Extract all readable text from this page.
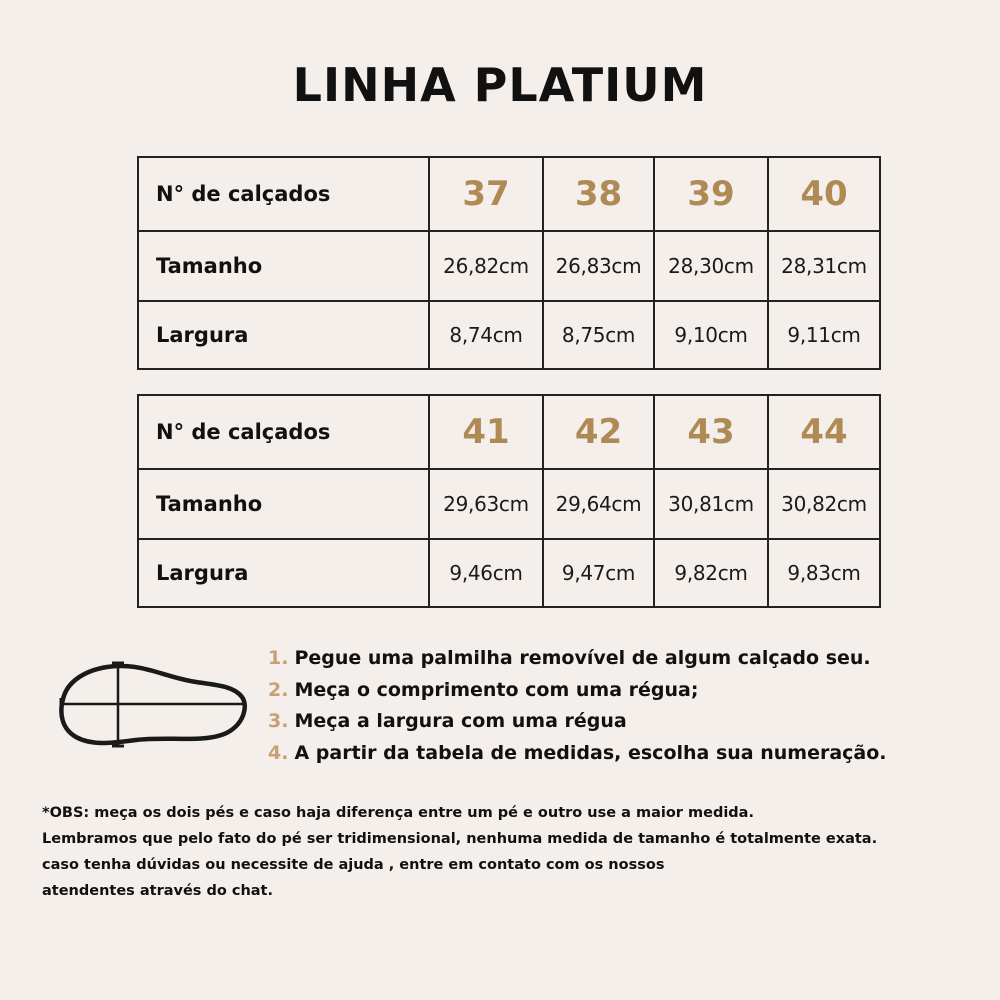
LINHA PLATIUM
N° de calçados	37	38	39	40
Tamanho	26,82cm	26,83cm	28,30cm	28,31cm
Largura	8,74cm	8,75cm	9,10cm	9,11cm
N° de calçados	41	42	43	44
Tamanho	29,63cm	29,64cm	30,81cm	30,82cm
Largura	9,46cm	9,47cm	9,82cm	9,83cm
1. Pegue uma palmilha removível de algum calçado seu.
2. Meça o comprimento com uma régua;
3. Meça a largura com uma régua
4. A partir da tabela de medidas, escolha sua numeração.

*OBS: meça os dois pés e caso haja diferença entre um pé e outro use a maior medida.

Lembramos que pelo fato do pé ser tridimensional, nenhuma medida de tamanho é totalmente exata.

caso tenha dúvidas ou necessite de ajuda , entre em contato com os nossos

atendentes através do chat.
